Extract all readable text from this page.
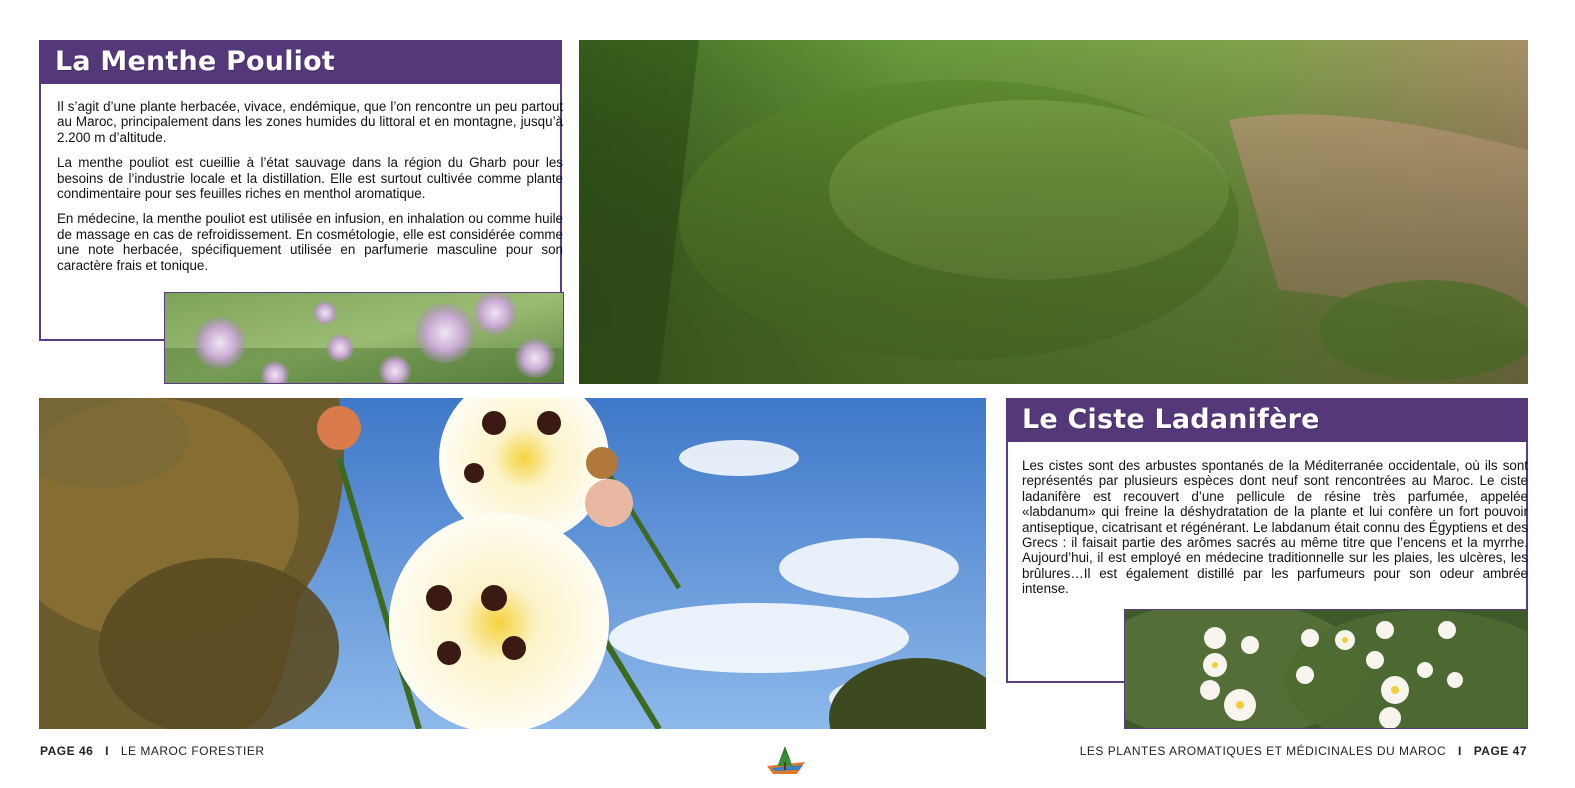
La Menthe Pouliot

Il s’agit d’une plante herbacée, vivace, endémique, que l’on rencontre un peu partout au Maroc, principalement dans les zones humides du littoral et en montagne, jusqu’à 2.200 m d’altitude.

La menthe pouliot est cueillie à l’état sauvage dans la région du Gharb pour les besoins de l’industrie locale et la distillation. Elle est surtout cultivée comme plante condimentaire pour ses feuilles riches en menthol aromatique.

En médecine, la menthe pouliot est utilisée en infusion, en inhalation ou comme huile de massage en cas de refroidissement. En cosmétologie, elle est considérée comme une note herbacée, spécifiquement utilisée en parfumerie masculine pour son caractère frais et tonique.

Le Ciste Ladanifère

Les cistes sont des arbustes spontanés de la Méditerranée occidentale, où ils sont représentés par plusieurs espèces dont neuf sont rencontrées au Maroc. Le ciste ladanifère est recouvert d’une pellicule de résine très parfumée, appelée «labdanum» qui freine la déshydratation de la plante et lui confère un fort pouvoir antiseptique, cicatrisant et régénérant. Le labdanum était connu des Égyptiens et des Grecs : il faisait partie des arômes sacrés au même titre que l’encens et la myrrhe. Aujourd’hui, il est employé en médecine traditionnelle sur les plaies, les ulcères, les brûlures…Il est également distillé par les parfumeurs pour son odeur ambrée intense.

PAGE 46 I LE MAROC FORESTIER	LES PLANTES AROMATIQUES ET MÉDICINALES DU MAROC I PAGE 47
